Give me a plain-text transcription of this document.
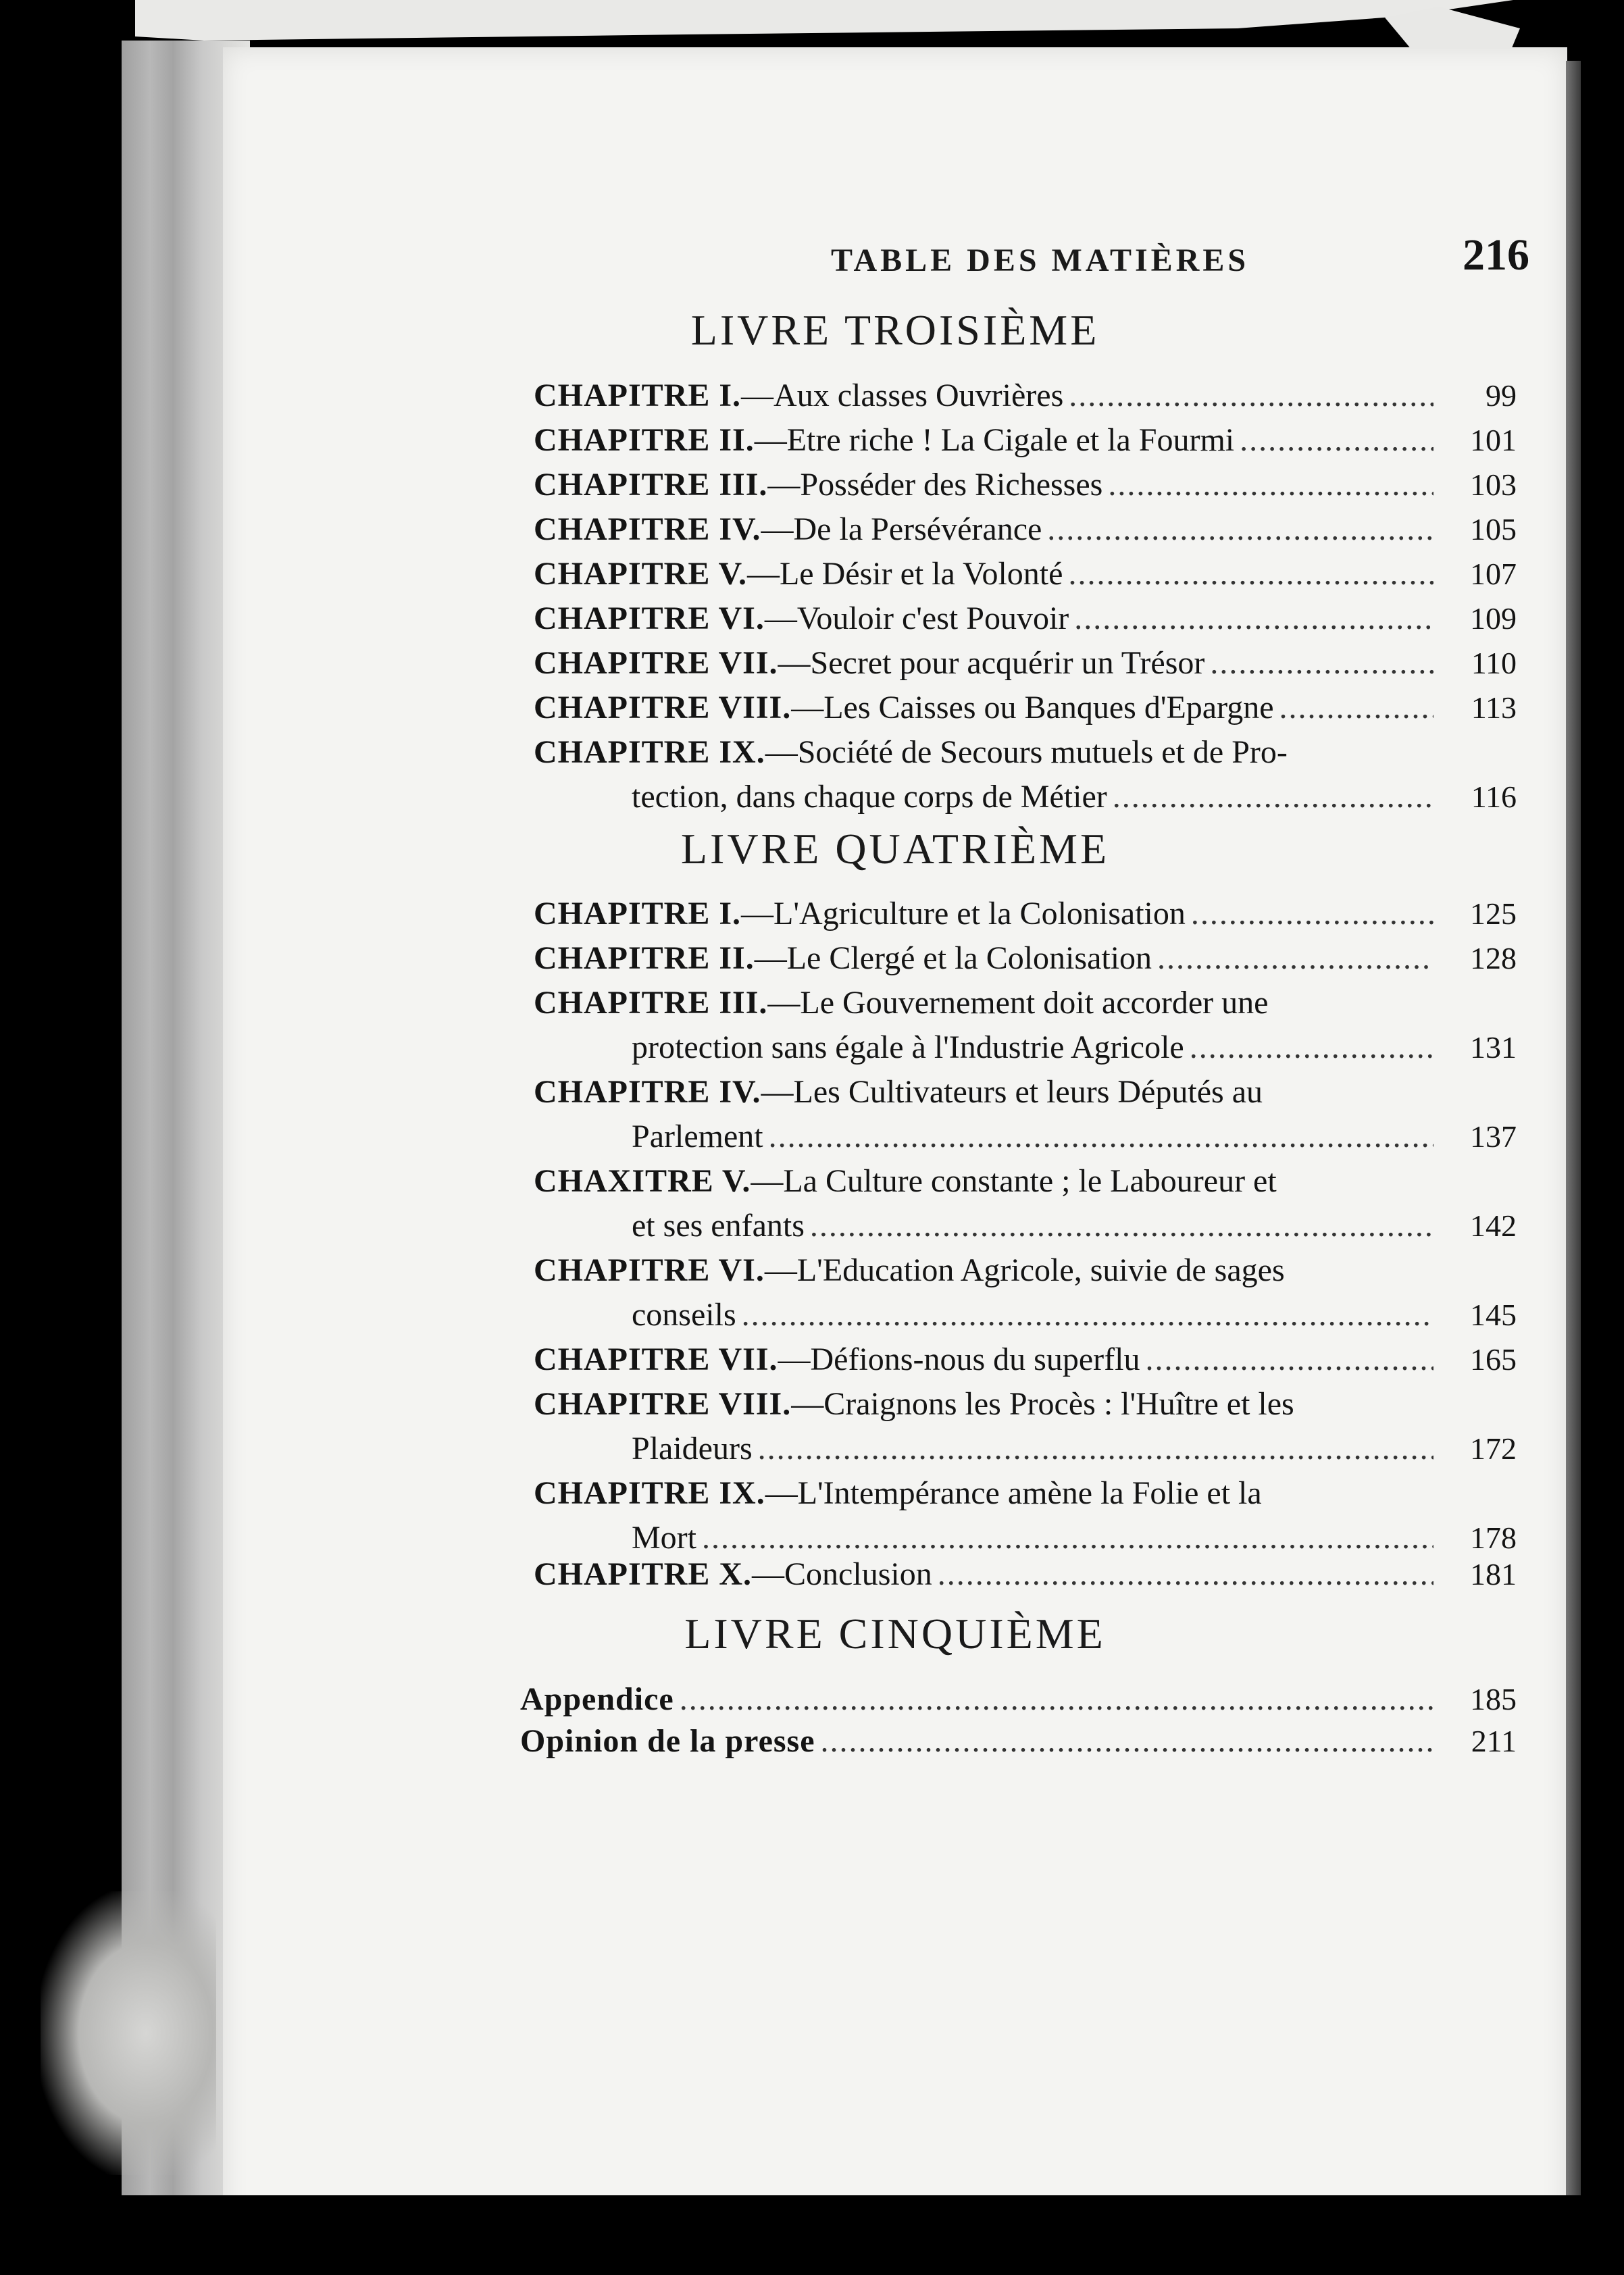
TABLE DES MATIÈRES	216
LIVRE TROISIÈME
CHAPITRE I. —Aux classes Ouvrières .....	99
CHAPITRE II. —Etre riche ! La Cigale et la Fourmi .....	101
CHAPITRE III. —Posséder des Richesses .....	103
CHAPITRE IV. —De la Persévérance .....	105
CHAPITRE V. —Le Désir et la Volonté .....	107
CHAPITRE VI. —Vouloir c'est Pouvoir .....	109
CHAPITRE VII. —Secret pour acquérir un Trésor .....	110
CHAPITRE VIII. —Les Caisses ou Banques d'Epargne .....	113
CHAPITRE IX. —Société de Secours mutuels et de Pro-
tection, dans chaque corps de Métier .....	116
LIVRE QUATRIÈME
CHAPITRE I. —L'Agriculture et la Colonisation .....	125
CHAPITRE II. —Le Clergé et la Colonisation .....	128
CHAPITRE III. —Le Gouvernement doit accorder une
protection sans égale à l'Industrie Agricole .....	131
CHAPITRE IV. —Les Cultivateurs et leurs Députés au
Parlement .....	137
CHAXITRE V. —La Culture constante ; le Laboureur et
et ses enfants .....	142
CHAPITRE VI. —L'Education Agricole, suivie de sages
conseils .....	145
CHAPITRE VII. —Défions-nous du superflu .....	165
CHAPITRE VIII. —Craignons les Procès : l'Huître et les
Plaideurs .....	172
CHAPITRE IX. —L'Intempérance amène la Folie et la
Mort .....	178
CHAPITRE X. —Conclusion .....	181
LIVRE CINQUIÈME
Appendice .....	185
Opinion de la presse .....	211
